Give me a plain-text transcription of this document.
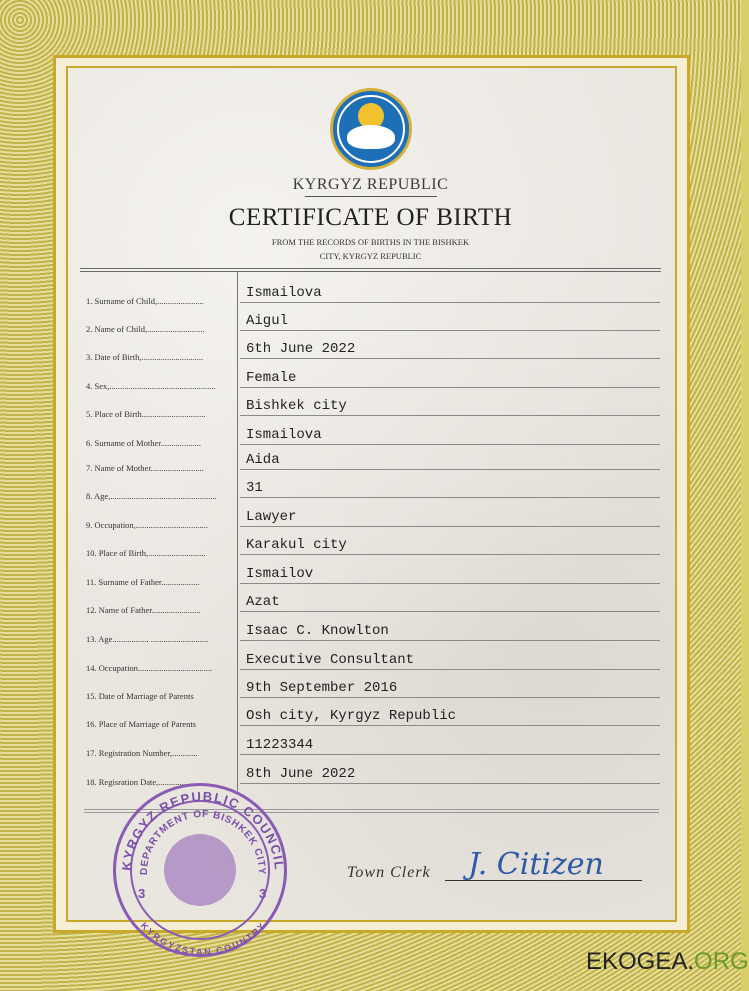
KYRGYZ REPUBLIC
CERTIFICATE OF BIRTH
FROM THE RECORDS OF BIRTHS IN THE BISHKEK
CITY, KYRGYZ REPUBLIC
1. Surname of Child,......................	Ismailova
2. Name of Child,...........................	Aigul
3. Date of Birth,.............................	6th June 2022
4. Sex,..................................................	Female
5. Place of Birth..............................	Bishkek city
6. Surname of Mother...................	Ismailova
7. Name of Mother.........................	Aida
8. Age,..................................................	31
9. Occupation,..................................	Lawyer
10. Place of Birth,...........................	Karakul city
11. Surname of Father..................	Ismailov
12. Name of Father.......................	Azat
13. Age................. ...........................	Isaac C. Knowlton
14. Occupation...................................	Executive Consultant
15. Date of Marriage of Parents	9th September 2016
16. Place of Marriage of Parents	Osh city, Kyrgyz Republic
17. Registration Number,............	11223344
18. Regisration Date,.................	8th June 2022
KYRGYZ REPUBLIC COUNCIL
DEPARTMENT OF BISHKEK CITY
KYRGYZSTAN COUNTRY
3	3
Town Clerk J. Citizen
EKOGEA.ORG
